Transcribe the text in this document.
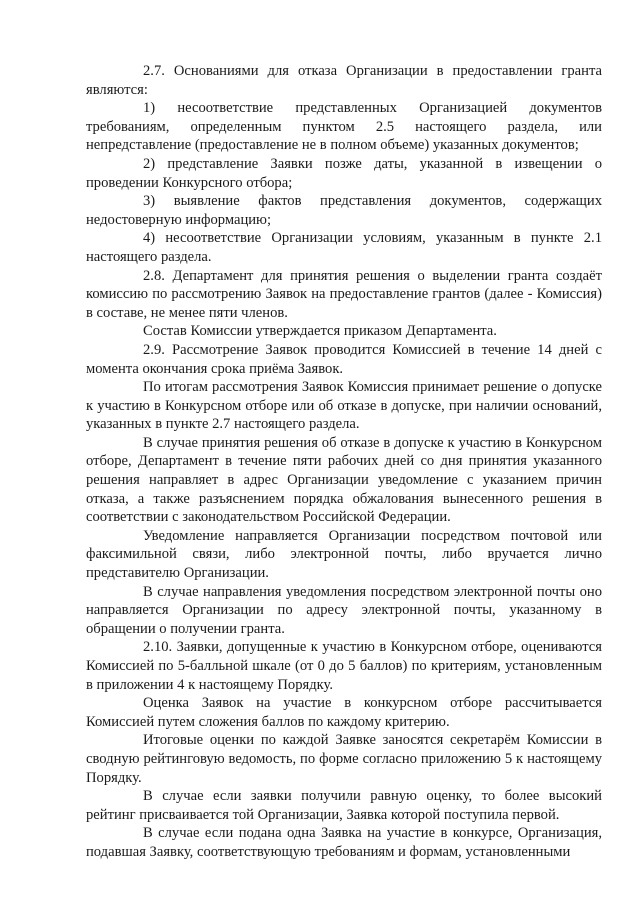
2.7. Основаниями для отказа Организации в предоставлении гранта являются:

1) несоответствие представленных Организацией документов требованиям, определенным пунктом 2.5 настоящего раздела, или непредставление (предоставление не в полном объеме) указанных документов;

2) представление Заявки позже даты, указанной в извещении о проведении Конкурсного отбора;

3) выявление фактов представления документов, содержащих недостоверную информацию;

4) несоответствие Организации условиям, указанным в пункте 2.1 настоящего раздела.

2.8. Департамент для принятия решения о выделении гранта создаёт комиссию по рассмотрению Заявок на предоставление грантов (далее - Комиссия) в составе, не менее пяти членов.

Состав Комиссии утверждается приказом Департамента.

2.9. Рассмотрение Заявок проводится Комиссией в течение 14 дней с момента окончания срока приёма Заявок.

По итогам рассмотрения Заявок Комиссия принимает решение о допуске к участию в Конкурсном отборе или об отказе в допуске, при наличии оснований, указанных в пункте 2.7 настоящего раздела.

В случае принятия решения об отказе в допуске к участию в Конкурсном отборе, Департамент в течение пяти рабочих дней со дня принятия указанного решения направляет в адрес Организации уведомление с указанием причин отказа, а также разъяснением порядка обжалования вынесенного решения в соответствии с законодательством Российской Федерации.

Уведомление направляется Организации посредством почтовой или факсимильной связи, либо электронной почты, либо вручается лично представителю Организации.

В случае направления уведомления посредством электронной почты оно направляется Организации по адресу электронной почты, указанному в обращении о получении гранта.

2.10. Заявки, допущенные к участию в Конкурсном отборе, оцениваются Комиссией по 5-балльной шкале (от 0 до 5 баллов) по критериям, установленным в приложении 4 к настоящему Порядку.

Оценка Заявок на участие в конкурсном отборе рассчитывается Комиссией путем сложения баллов по каждому критерию.

Итоговые оценки по каждой Заявке заносятся секретарём Комиссии в сводную рейтинговую ведомость, по форме согласно приложению 5 к настоящему Порядку.

В случае если заявки получили равную оценку, то более высокий рейтинг присваивается той Организации, Заявка которой поступила первой.

В случае если подана одна Заявка на участие в конкурсе, Организация, подавшая Заявку, соответствующую требованиям и формам, установленными
